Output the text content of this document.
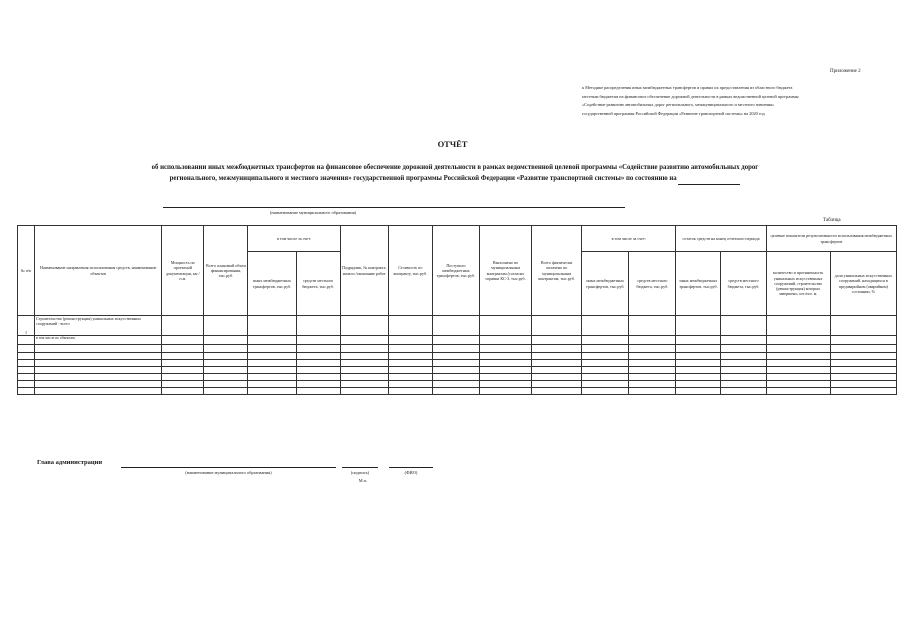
Приложение 2
к Методике распределения иных межбюджетных трансфертов и правил их предоставления из областного бюджета
местным бюджетам на финансовое обеспечение дорожной деятельности в рамках ведомственной целевой программы
«Содействие развитию автомобильных дорог регионального, межмуниципального и местного значения»
государственной программы Российской Федерации «Развитие транспортной системы» на 2020 год
ОТЧЁТ
об использовании иных межбюджетных трансфертов на финансовое обеспечение дорожной деятельности в рамках ведомственной целевой программы «Содействие развитию автомобильных дорог
регионального, межмуниципального и местного значения» государственной программы Российской Федерации «Развитие транспортной системы» по состоянию на
(наименование муниципального образования)
Таблица
№ п/п	Наименование направления использования средств, наименование объектов	Мощность по проектной документации, км /п.м.	Всего плановый объем финансирования, тыс.руб.	в том числе за счет:		Подрядчик, № контракта, начало /окончание работ	Стоимость по контракту, тыс.руб.	Поступило межбюджетных трансфертов, тыс.руб.	Выполнено по муниципальным контрактам (согласно справки КС-3, тыс.руб.	Всего фактически оплачено по муниципальным контрактам, тыс.руб.	в том числе за счет:		остаток средств на конец отчетного периода		целевые показатели результативности использования межбюджетных трансфертов	
				иных межбюджетных трансфертов, тыс.руб.	средств местного бюджета, тыс.руб.						иных межбюджетных трансфертов, тыс.руб.	средств местного бюджета, тыс.руб.	иных межбюджетных трансфертов, тыс.руб.	средств местного бюджета, тыс.руб.	количество и протяженность уникальных искусственных сооружений, строительство (реконструкция) которых завершено, шт./пог. м.	доля уникальных искусственных сооружений, находящихся в предаварийном (аварийном) состоянии, %
1	Строительство (реконструкция) уникальных искусственных сооружений - всего															
	в том числе по объектам:															

Глава администрации
(наименование муниципального образования)	(подпись)	(ФИО)
М.п.
